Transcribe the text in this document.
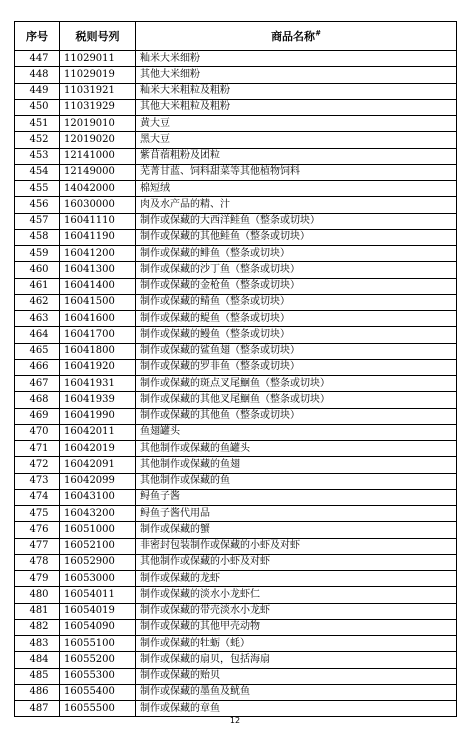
序号	税则号列	商品名称#
447	11029011	籼米大米细粉
448	11029019	其他大米细粉
449	11031921	籼米大米粗粒及粗粉
450	11031929	其他大米粗粒及粗粉
451	12019010	黄大豆
452	12019020	黑大豆
453	12141000	紫苜蓿粗粉及团粒
454	12149000	芜菁甘蓝、饲料甜菜等其他植物饲料
455	14042000	棉短绒
456	16030000	肉及水产品的精、汁
457	16041110	制作或保藏的大西洋鲑鱼（整条或切块）
458	16041190	制作或保藏的其他鲑鱼（整条或切块）
459	16041200	制作或保藏的鲱鱼（整条或切块）
460	16041300	制作或保藏的沙丁鱼（整条或切块）
461	16041400	制作或保藏的金枪鱼（整条或切块）
462	16041500	制作或保藏的鲭鱼（整条或切块）
463	16041600	制作或保藏的鳀鱼（整条或切块）
464	16041700	制作或保藏的鳗鱼（整条或切块）
465	16041800	制作或保藏的鲨鱼翅（整条或切块）
466	16041920	制作或保藏的罗非鱼（整条或切块）
467	16041931	制作或保藏的斑点叉尾鮰鱼（整条或切块）
468	16041939	制作或保藏的其他叉尾鮰鱼（整条或切块）
469	16041990	制作或保藏的其他鱼（整条或切块）
470	16042011	鱼翅罐头
471	16042019	其他制作或保藏的鱼罐头
472	16042091	其他制作或保藏的鱼翅
473	16042099	其他制作或保藏的鱼
474	16043100	鲟鱼子酱
475	16043200	鲟鱼子酱代用品
476	16051000	制作或保藏的蟹
477	16052100	非密封包装制作或保藏的小虾及对虾
478	16052900	其他制作或保藏的小虾及对虾
479	16053000	制作或保藏的龙虾
480	16054011	制作或保藏的淡水小龙虾仁
481	16054019	制作或保藏的带壳淡水小龙虾
482	16054090	制作或保藏的其他甲壳动物
483	16055100	制作或保藏的牡蛎（蚝）
484	16055200	制作或保藏的扇贝，包括海扇
485	16055300	制作或保藏的贻贝
486	16055400	制作或保藏的墨鱼及鱿鱼
487	16055500	制作或保藏的章鱼
12
